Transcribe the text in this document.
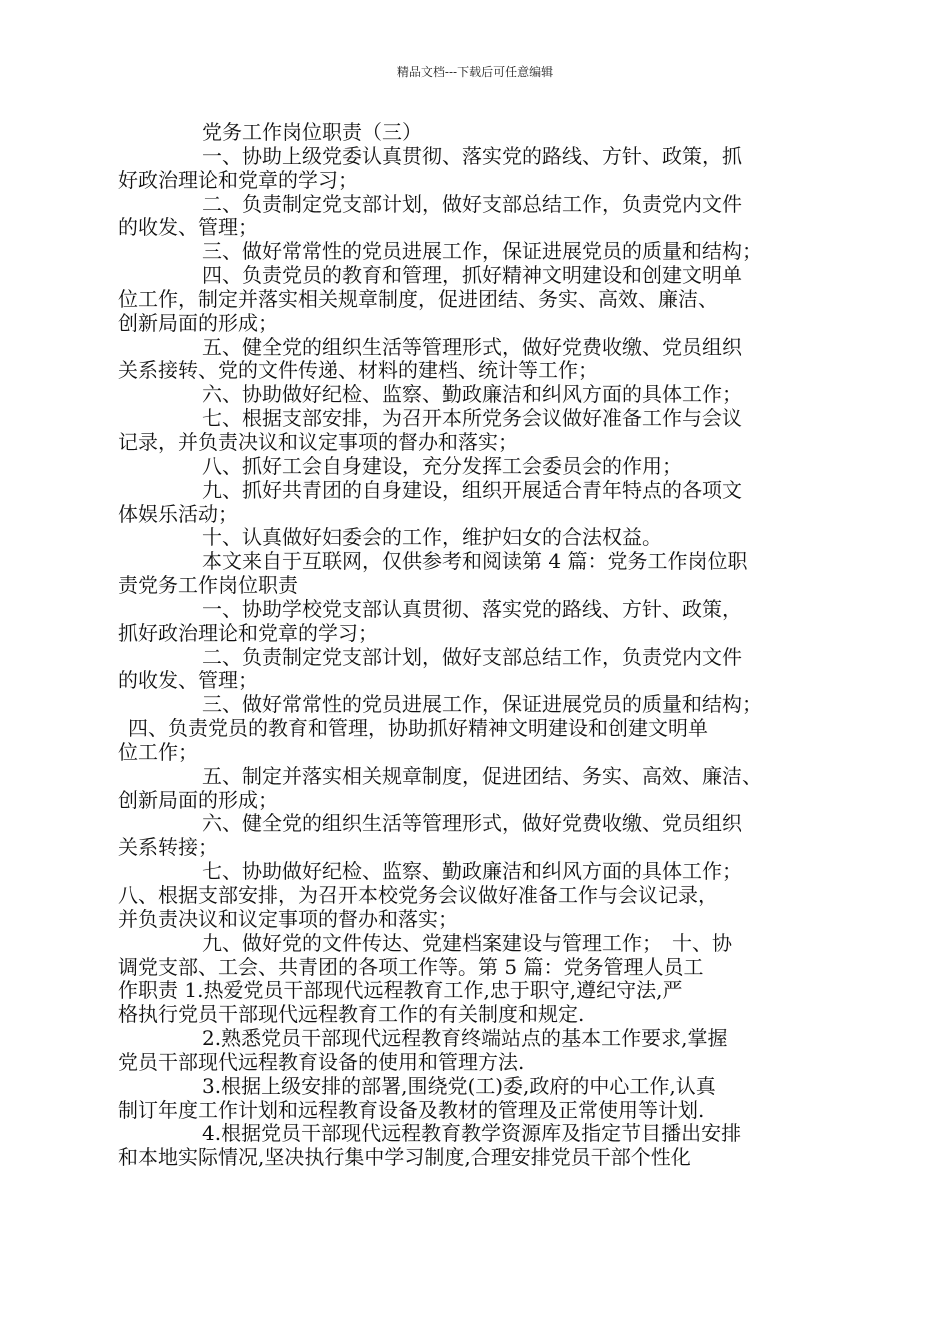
精品文档---下载后可任意编辑
党务工作岗位职责（三）
一、协助上级党委认真贯彻、落实党的路线、方针、政策，抓
好政治理论和党章的学习；
二、负责制定党支部计划，做好支部总结工作，负责党内文件
的收发、管理；
三、做好常常性的党员进展工作，保证进展党员的质量和结构；
四、负责党员的教育和管理，抓好精神文明建设和创建文明单
位工作，制定并落实相关规章制度，促进团结、务实、高效、廉洁、
创新局面的形成；
五、健全党的组织生活等管理形式，做好党费收缴、党员组织
关系接转、党的文件传递、材料的建档、统计等工作；
六、协助做好纪检、监察、勤政廉洁和纠风方面的具体工作；
七、根据支部安排，为召开本所党务会议做好准备工作与会议
记录，并负责决议和议定事项的督办和落实；
八、抓好工会自身建设，充分发挥工会委员会的作用；
九、抓好共青团的自身建设，组织开展适合青年特点的各项文
体娱乐活动；
十、认真做好妇委会的工作，维护妇女的合法权益。
本文来自于互联网，仅供参考和阅读第 4 篇：党务工作岗位职
责党务工作岗位职责
一、协助学校党支部认真贯彻、落实党的路线、方针、政策，
抓好政治理论和党章的学习；
二、负责制定党支部计划，做好支部总结工作，负责党内文件
的收发、管理；
三、做好常常性的党员进展工作，保证进展党员的质量和结构；
四、负责党员的教育和管理，协助抓好精神文明建设和创建文明单
位工作；
五、制定并落实相关规章制度，促进团结、务实、高效、廉洁、
创新局面的形成；
六、健全党的组织生活等管理形式，做好党费收缴、党员组织
关系转接；
七、协助做好纪检、监察、勤政廉洁和纠风方面的具体工作；
八、根据支部安排，为召开本校党务会议做好准备工作与会议记录，
并负责决议和议定事项的督办和落实；
九、做好党的文件传达、党建档案建设与管理工作；　十、协
调党支部、工会、共青团的各项工作等。第 5 篇：党务管理人员工
作职责 1.热爱党员干部现代远程教育工作,忠于职守,遵纪守法,严
格执行党员干部现代远程教育工作的有关制度和规定.
2.熟悉党员干部现代远程教育终端站点的基本工作要求,掌握
党员干部现代远程教育设备的使用和管理方法.
3.根据上级安排的部署,围绕党(工)委,政府的中心工作,认真
制订年度工作计划和远程教育设备及教材的管理及正常使用等计划.
4.根据党员干部现代远程教育教学资源库及指定节目播出安排
和本地实际情况,坚决执行集中学习制度,合理安排党员干部个性化
